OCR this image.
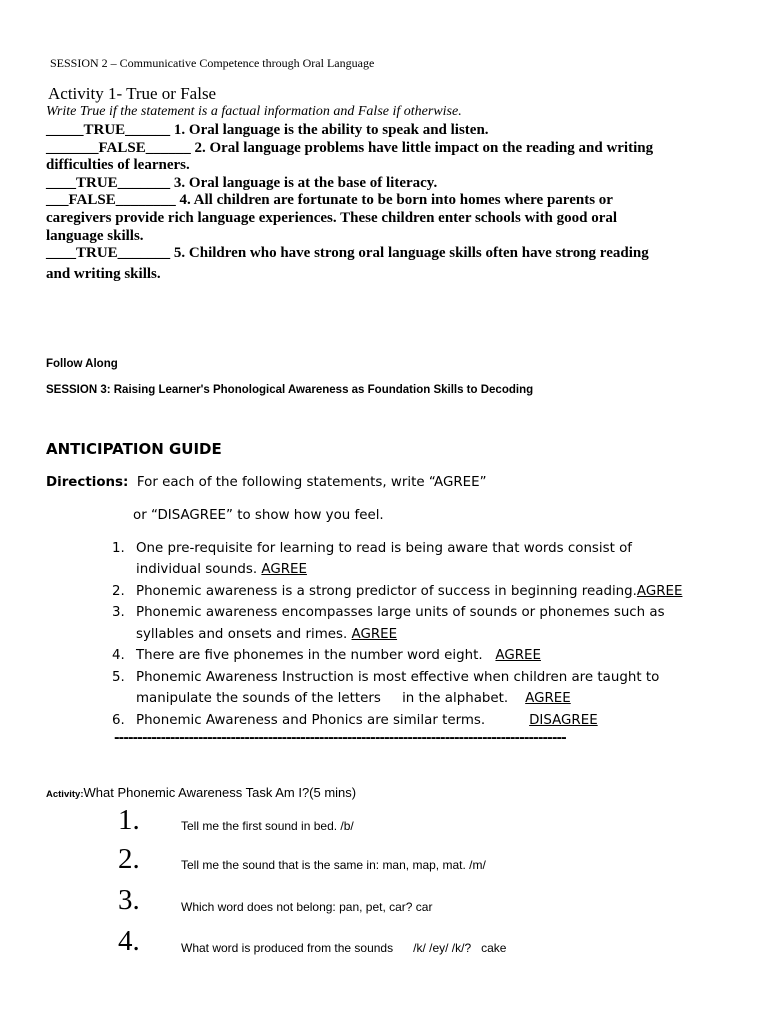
SESSION 2 – Communicative Competence through Oral Language
Activity 1- True or False
Write True if the statement is a factual information and False if otherwise.
_____TRUE______ 1. Oral language is the ability to speak and listen.
_______FALSE______ 2. Oral language problems have little impact on the reading and writing
difficulties of learners.
____TRUE_______ 3. Oral language is at the base of literacy.
___FALSE________ 4. All children are fortunate to be born into homes where parents or
caregivers provide rich language experiences. These children enter schools with good oral
language skills.
____TRUE_______ 5. Children who have strong oral language skills often have strong reading
and writing skills.
Follow Along
SESSION 3: Raising Learner's Phonological Awareness as Foundation Skills to Decoding
ANTICIPATION GUIDE
Directions: For each of the following statements, write “AGREE”
or “DISAGREE” to show how you feel.
1. One pre-requisite for learning to read is being aware that words consist of
individual sounds. AGREE
2. Phonemic awareness is a strong predictor of success in beginning reading.AGREE
3. Phonemic awareness encompasses large units of sounds or phonemes such as
syllables and onsets and rimes. AGREE
4. There are five phonemes in the number word eight. AGREE
5. Phonemic Awareness Instruction is most effective when children are taught to
manipulate the sounds of the letters     in the alphabet. AGREE
6. Phonemic Awareness and Phonics are similar terms.	DISAGREE
-------------------------------------------------------------------------------------------------
Activity:What Phonemic Awareness Task Am I?(5 mins)
1.	Tell me the first sound in bed. /b/
2.	Tell me the sound that is the same in: man, map, mat. /m/
3.	Which word does not belong: pan, pet, car? car
4.	What word is produced from the sounds      /k/ /ey/ /k/?   cake
